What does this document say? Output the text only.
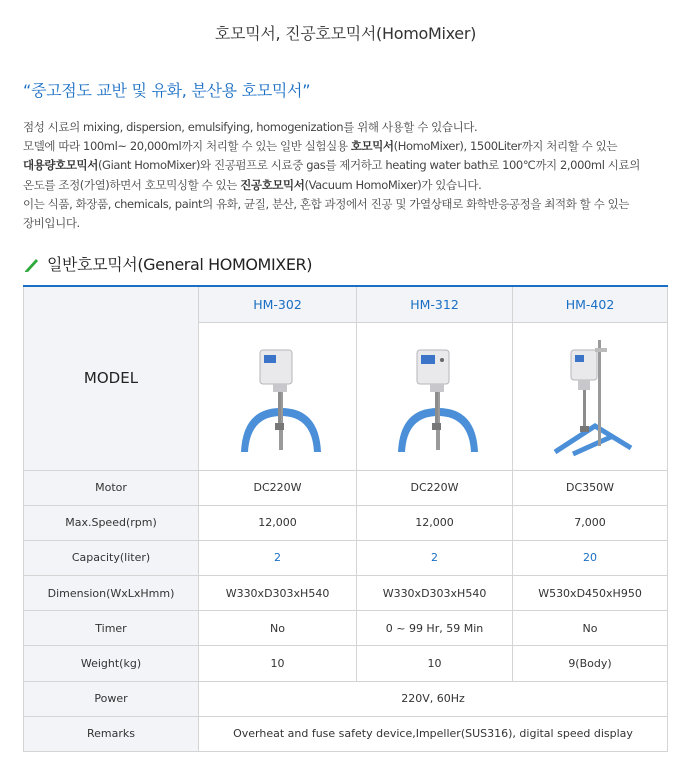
호모믹서, 진공호모믹서(HomoMixer)
“중고점도 교반 및 유화, 분산용 호모믹서”
점성 시료의 mixing, dispersion, emulsifying, homogenization를 위해 사용할 수 있습니다.
모델에 따라 100ml~ 20,000ml까지 처리할 수 있는 일반 실험실용 호모믹서(HomoMixer), 1500Liter까지 처리할 수 있는
대용량호모믹서(Giant HomoMixer)와 진공펌프로 시료중 gas를 제거하고 heating water bath로 100℃까지 2,000ml 시료의
온도를 조정(가열)하면서 호모믹싱할 수 있는 진공호모믹서(Vacuum HomoMixer)가 있습니다.
이는 식품, 화장품, chemicals, paint의 유화, 균질, 분산, 혼합 과정에서 진공 및 가열상태로 화학반응공정을 최적화 할 수 있는
장비입니다.
일반호모믹서(General HOMOMIXER)
MODEL	HM-302	HM-312	HM-402

Motor	DC220W	DC220W	DC350W
Max.Speed(rpm)	12,000	12,000	7,000
Capacity(liter)	2	2	20
Dimension(WxLxHmm)	W330xD303xH540	W330xD303xH540	W530xD450xH950
Timer	No	0 ~ 99 Hr, 59 Min	No
Weight(kg)	10	10	9(Body)
Power	220V, 60Hz		
Remarks	Overheat and fuse safety device,Impeller(SUS316), digital speed display		
